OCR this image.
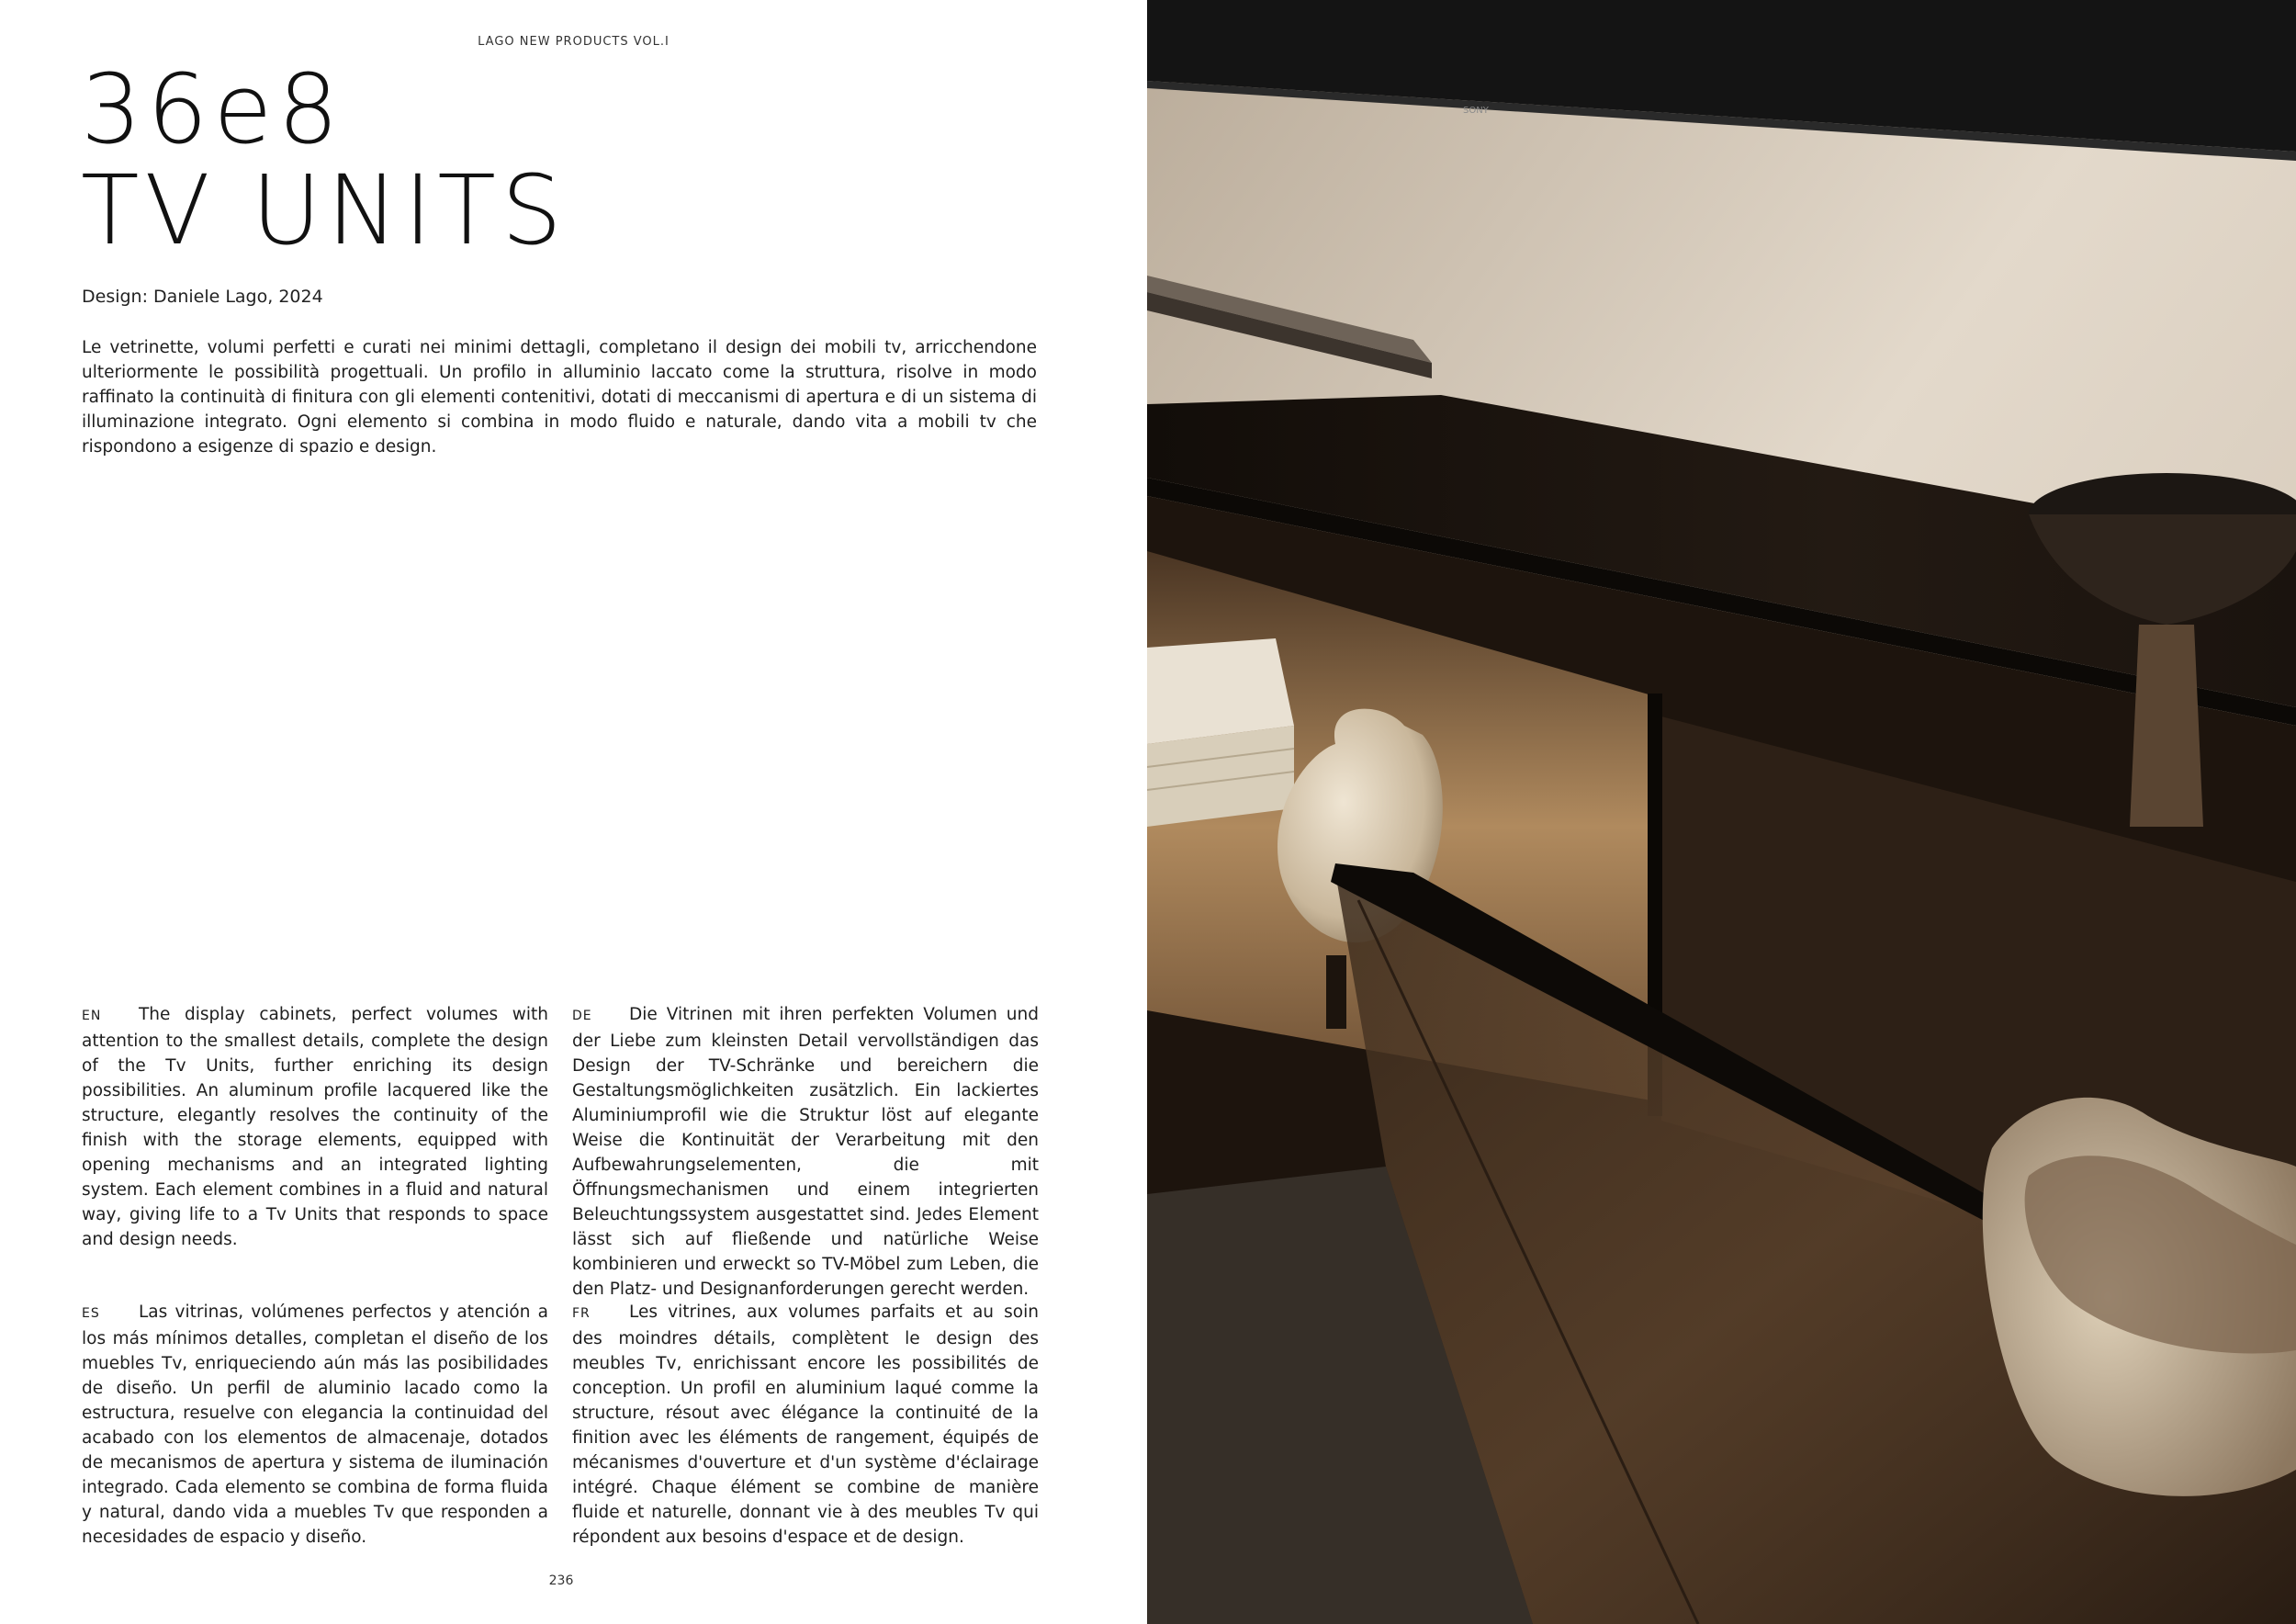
LAGO NEW PRODUCTS VOL.I
36e8
TV UNITS
Design: Daniele Lago, 2024

Le vetrinette, volumi perfetti e curati nei minimi dettagli, completano il design dei mobili tv, arricchendone ulteriormente le possibilità progettuali. Un profilo in alluminio laccato come la struttura, risolve in modo raffinato la continuità di finitura con gli elementi contenitivi, dotati di meccanismi di apertura e di un sistema di illuminazione integrato. Ogni elemento si combina in modo fluido e naturale, dando vita a mobili tv che rispondono a esigenze di spazio e design.

EN The display cabinets, perfect volumes with attention to the smallest details, complete the design of the Tv Units, further enriching its design possibilities. An aluminum profile lacquered like the structure, elegantly resolves the continuity of the finish with the storage elements, equipped with opening mechanisms and an integrated lighting system. Each element combines in a fluid and natural way, giving life to a Tv Units that responds to space and design needs.

DE Die Vitrinen mit ihren perfekten Volumen und der Liebe zum kleinsten Detail vervollständigen das Design der TV-Schränke und bereichern die Gestaltungsmöglichkeiten zusätzlich. Ein lackiertes Aluminiumprofil wie die Struktur löst auf elegante Weise die Kontinuität der Verarbeitung mit den Aufbewahrungselementen, die mit Öffnungsmechanismen und einem integrierten Beleuchtungssystem ausgestattet sind. Jedes Element lässt sich auf fließende und natürliche Weise kombinieren und erweckt so TV-Möbel zum Leben, die den Platz- und Designanforderungen gerecht werden.

ES Las vitrinas, volúmenes perfectos y atención a los más mínimos detalles, completan el diseño de los muebles Tv, enriqueciendo aún más las posibilidades de diseño. Un perfil de aluminio lacado como la estructura, resuelve con elegancia la continuidad del acabado con los elementos de almacenaje, dotados de mecanismos de apertura y sistema de iluminación integrado. Cada elemento se combina de forma fluida y natural, dando vida a muebles Tv que responden a necesidades de espacio y diseño.

FR Les vitrines, aux volumes parfaits et au soin des moindres détails, complètent le design des meubles Tv, enrichissant encore les possibilités de conception. Un profil en aluminium laqué comme la structure, résout avec élégance la continuité de la finition avec les éléments de rangement, équipés de mécanismes d'ouverture et d'un système d'éclairage intégré. Chaque élément se combine de manière fluide et naturelle, donnant vie à des meubles Tv qui répondent aux besoins d'espace et de design.

236
SONY
